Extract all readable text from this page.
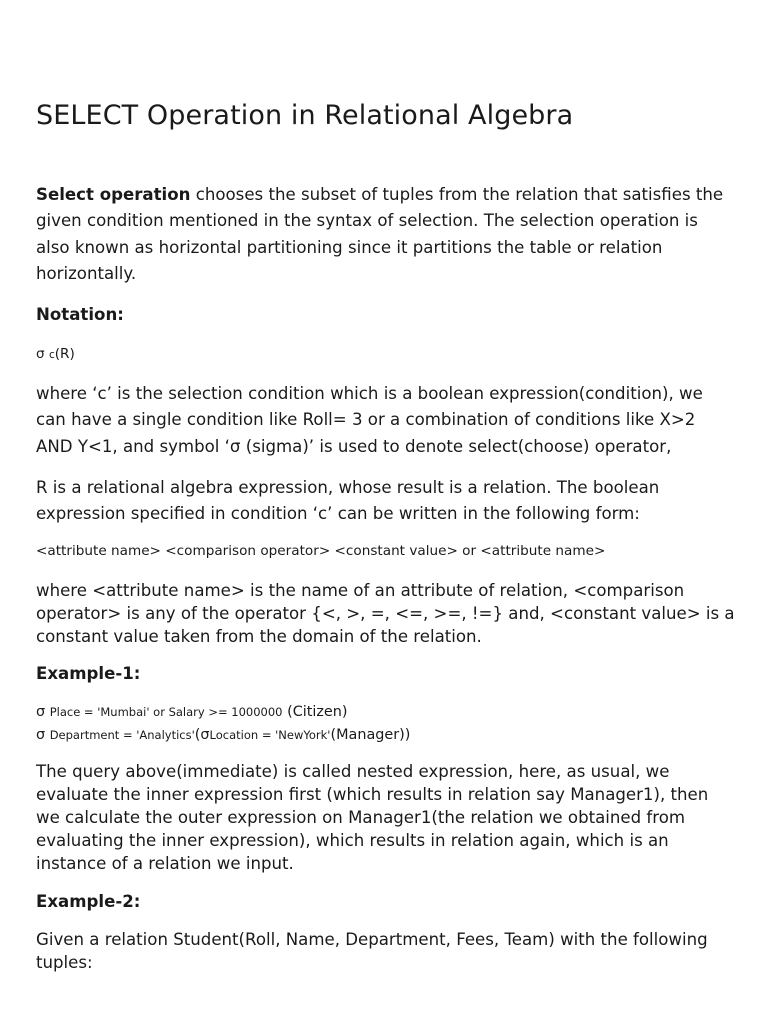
SELECT Operation in Relational Algebra

Select operation chooses the subset of tuples from the relation that satisfies the given condition mentioned in the syntax of selection. The selection operation is also known as horizontal partitioning since it partitions the table or relation horizontally.

Notation:
σ c(R)

where ‘c’ is the selection condition which is a boolean expression(condition), we can have a single condition like Roll= 3 or a combination of conditions like X>2 AND Y<1, and symbol ‘σ (sigma)’ is used to denote select(choose) operator,

R is a relational algebra expression, whose result is a relation. The boolean expression specified in condition ‘c’ can be written in the following form:

<attribute name> <comparison operator> <constant value> or <attribute name>

where <attribute name> is the name of an attribute of relation, <comparison operator> is any of the operator {<, >, =, <=, >=, !=} and, <constant value> is a constant value taken from the domain of the relation.

Example-1:
σ Place = 'Mumbai' or Salary >= 1000000 (Citizen)
σ Department = 'Analytics'(σLocation = 'NewYork'(Manager))

The query above(immediate) is called nested expression, here, as usual, we evaluate the inner expression first (which results in relation say Manager1), then we calculate the outer expression on Manager1(the relation we obtained from evaluating the inner expression), which results in relation again, which is an instance of a relation we input.

Example-2:

Given a relation Student(Roll, Name, Department, Fees, Team) with the following tuples:
